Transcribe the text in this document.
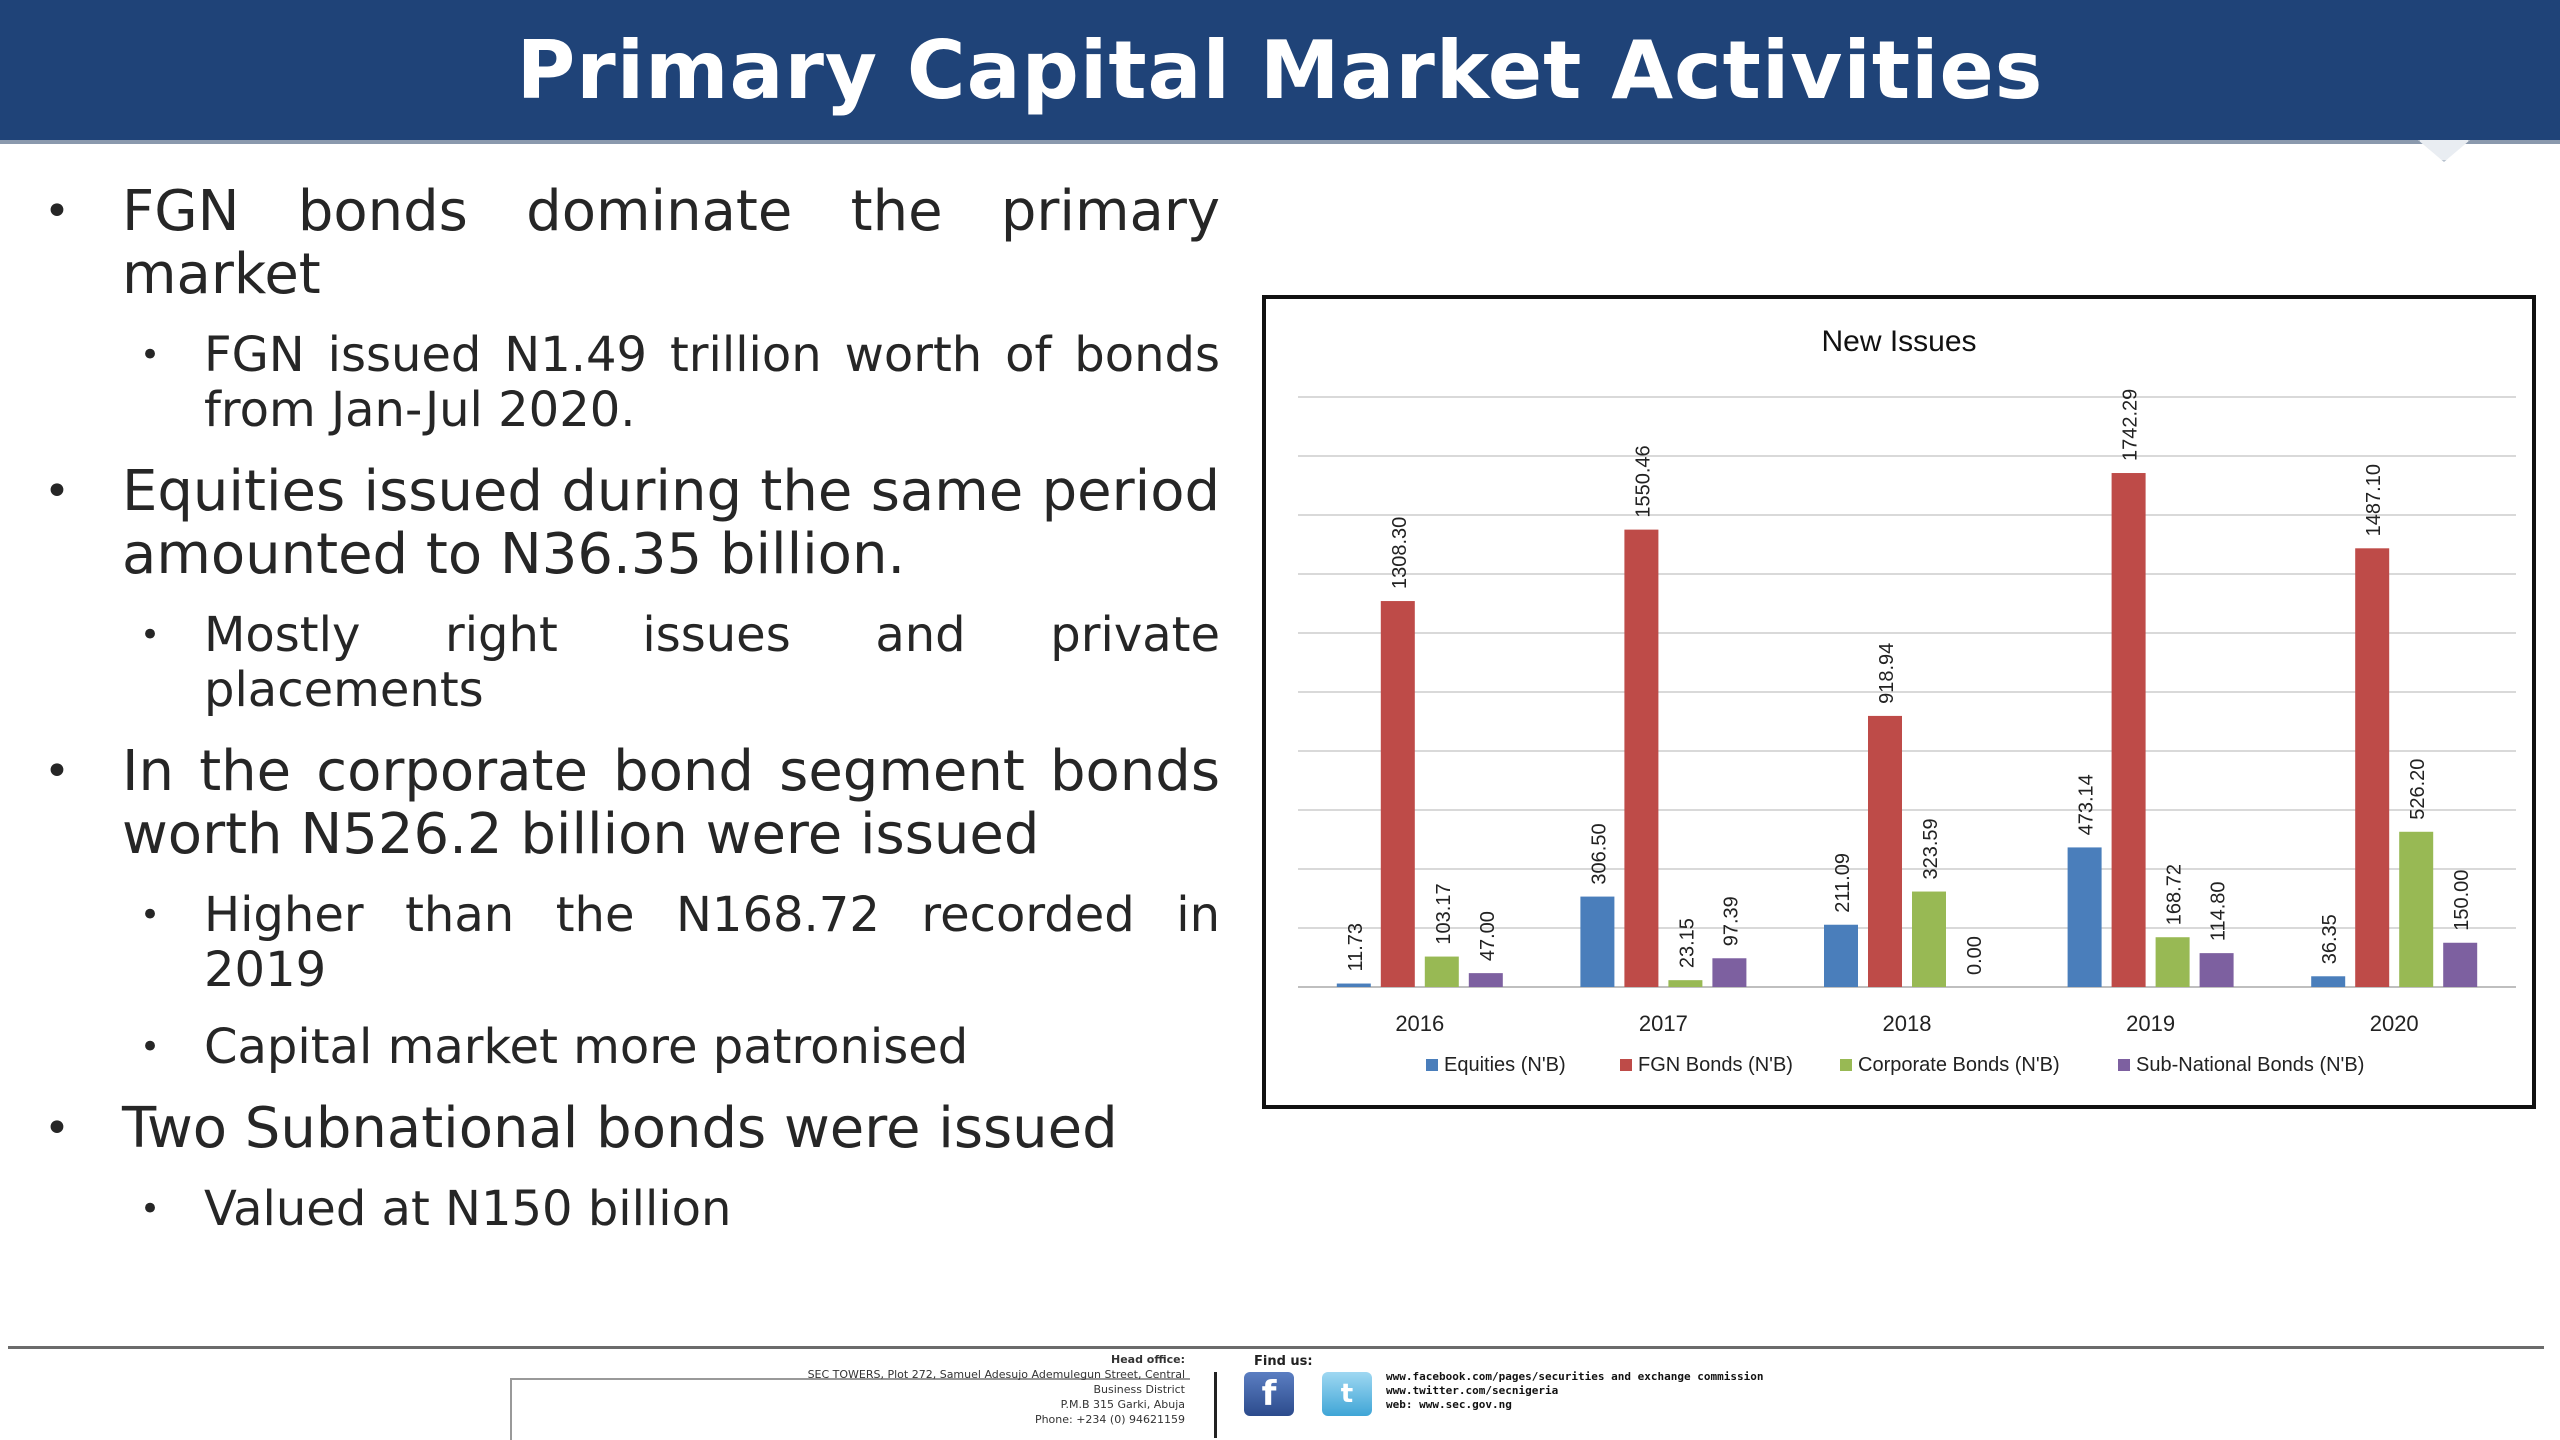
Primary Capital Market Activities
• FGN bonds dominate the primary market
• FGN issued N1.49 trillion worth of bonds from Jan-Jul 2020.
• Equities issued during the same period amounted to N36.35 billion.
• Mostly right issues and private placements
• In the corporate bond segment bonds worth N526.2 billion were issued
• Higher than the N168.72 recorded in 2019
• Capital market more patronised
• Two Subnational bonds were issued
• Valued at N150 billion
New Issues
11.73
1308.30
103.17 47.00
2016
306.50
1550.46
23.15 97.39
2017
211.09
918.94
323.59
0.00
2018
473.14
1742.29
168.72 114.80
2019
36.35
1487.10
526.20
150.00
2020
Equities (N'B)	FGN Bonds (N'B)	Corporate Bonds (N'B)	Sub-National Bonds (N'B)
Head office:
SEC TOWERS, Plot 272, Samuel Adesujo Ademulegun Street, Central
Business District
P.M.B 315 Garki, Abuja
Phone: +234 (0) 94621159
Find us:
f	t
www.facebook.com/pages/securities and exchange commission
www.twitter.com/secnigeria
web: www.sec.gov.ng
